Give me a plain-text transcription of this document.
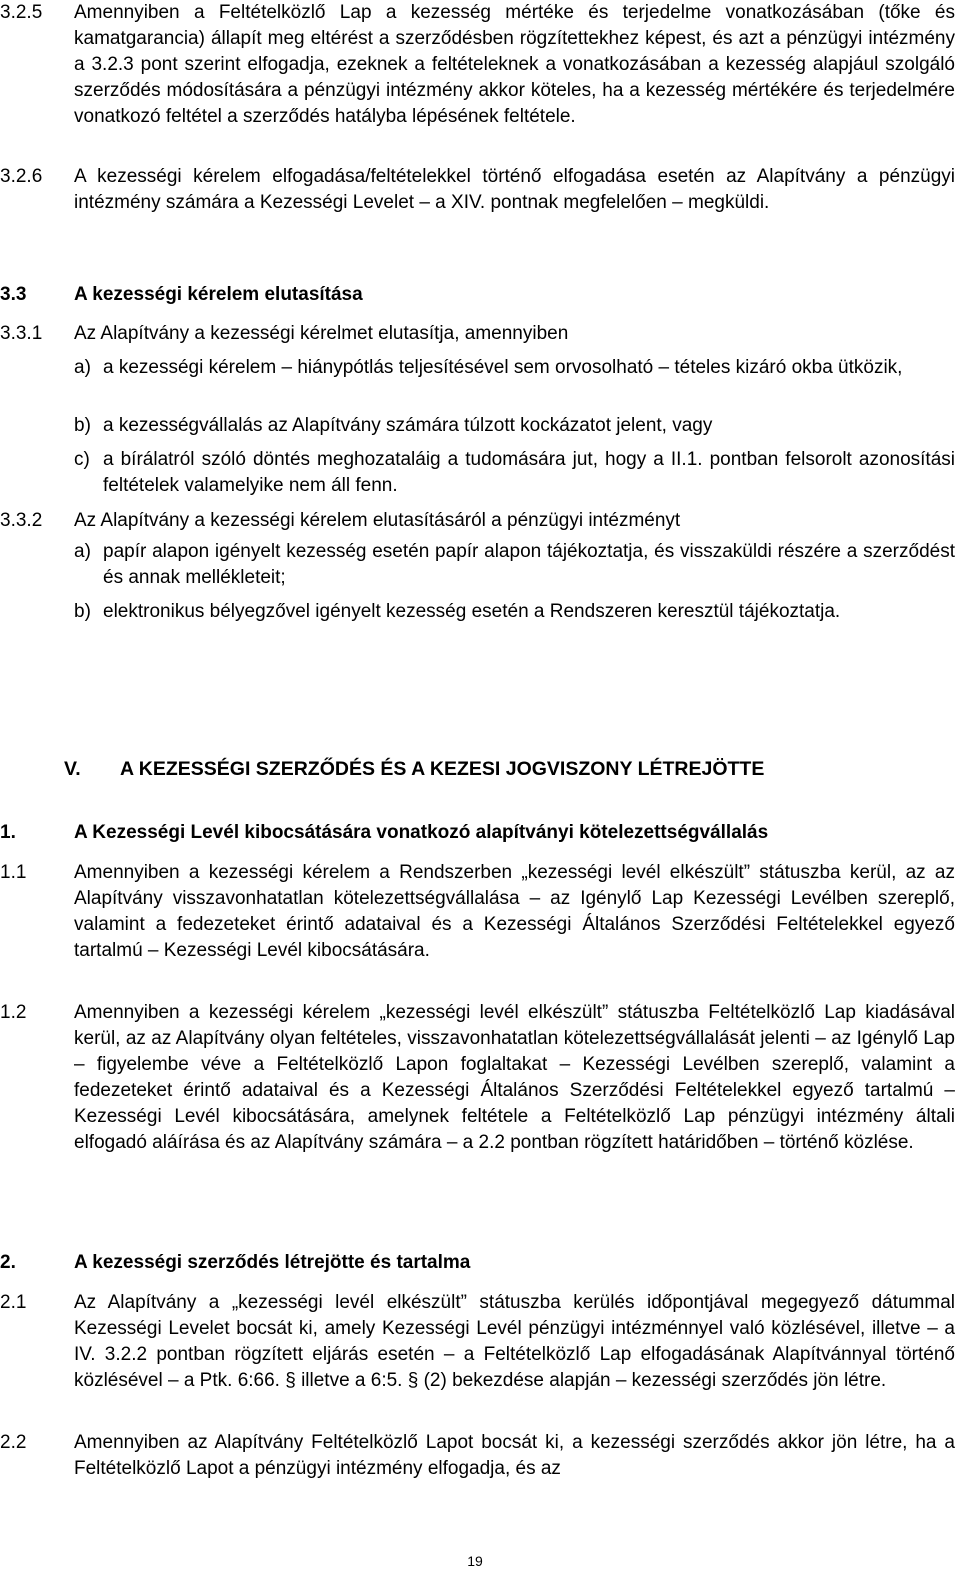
3.2.5 Amennyiben a Feltételközlő Lap a kezesség mértéke és terjedelme vonatkozásában (tőke és kamatgarancia) állapít meg eltérést a szerződésben rögzítettekhez képest, és azt a pénzügyi intézmény a 3.2.3 pont szerint elfogadja, ezeknek a feltételeknek a vonatkozásában a kezesség alapjául szolgáló szerződés módosítására a pénzügyi intézmény akkor köteles, ha a kezesség mértékére és terjedelmére vonatkozó feltétel a szerződés hatályba lépésének feltétele.
3.2.6 A kezességi kérelem elfogadása/feltételekkel történő elfogadása esetén az Alapítvány a pénzügyi intézmény számára a Kezességi Levelet – a XIV. pontnak megfelelően – megküldi.
3.3	A kezességi kérelem elutasítása
3.3.1 Az Alapítvány a kezességi kérelmet elutasítja, amennyiben
a) a kezességi kérelem – hiánypótlás teljesítésével sem orvosolható – tételes kizáró okba ütközik,
b) a kezességvállalás az Alapítvány számára túlzott kockázatot jelent, vagy
c) a bírálatról szóló döntés meghozataláig a tudomására jut, hogy a II.1. pontban felsorolt azonosítási feltételek valamelyike nem áll fenn.
3.3.2 Az Alapítvány a kezességi kérelem elutasításáról a pénzügyi intézményt
a) papír alapon igényelt kezesség esetén papír alapon tájékoztatja, és visszaküldi részére a szerződést és annak mellékleteit;
b) elektronikus bélyegzővel igényelt kezesség esetén a Rendszeren keresztül tájékoztatja.
V. A KEZESSÉGI SZERZŐDÉS ÉS A KEZESI JOGVISZONY LÉTREJÖTTE
1.	A Kezességi Levél kibocsátására vonatkozó alapítványi kötelezettségvállalás
1.1	Amennyiben a kezességi kérelem a Rendszerben „kezességi levél elkészült” státuszba kerül, az az Alapítvány visszavonhatatlan kötelezettségvállalása – az Igénylő Lap Kezességi Levélben szereplő, valamint a fedezeteket érintő adataival és a Kezességi Általános Szerződési Feltételekkel egyező tartalmú – Kezességi Levél kibocsátására.
1.2	Amennyiben a kezességi kérelem „kezességi levél elkészült” státuszba Feltételközlő Lap kiadásával kerül, az az Alapítvány olyan feltételes, visszavonhatatlan kötelezettségvállalását jelenti – az Igénylő Lap – figyelembe véve a Feltételközlő Lapon foglaltakat – Kezességi Levélben szereplő, valamint a fedezeteket érintő adataival és a Kezességi Általános Szerződési Feltételekkel egyező tartalmú – Kezességi Levél kibocsátására, amelynek feltétele a Feltételközlő Lap pénzügyi intézmény általi elfogadó aláírása és az Alapítvány számára – a 2.2 pontban rögzített határidőben – történő közlése.
2.	A kezességi szerződés létrejötte és tartalma
2.1	Az Alapítvány a „kezességi levél elkészült” státuszba kerülés időpontjával megegyező dátummal Kezességi Levelet bocsát ki, amely Kezességi Levél pénzügyi intézménnyel való közlésével, illetve – a IV. 3.2.2 pontban rögzített eljárás esetén – a Feltételközlő Lap elfogadásának Alapítvánnyal történő közlésével – a Ptk. 6:66. § illetve a 6:5. § (2) bekezdése alapján – kezességi szerződés jön létre.
2.2	Amennyiben az Alapítvány Feltételközlő Lapot bocsát ki, a kezességi szerződés akkor jön létre, ha a Feltételközlő Lapot a pénzügyi intézmény elfogadja, és az
19
